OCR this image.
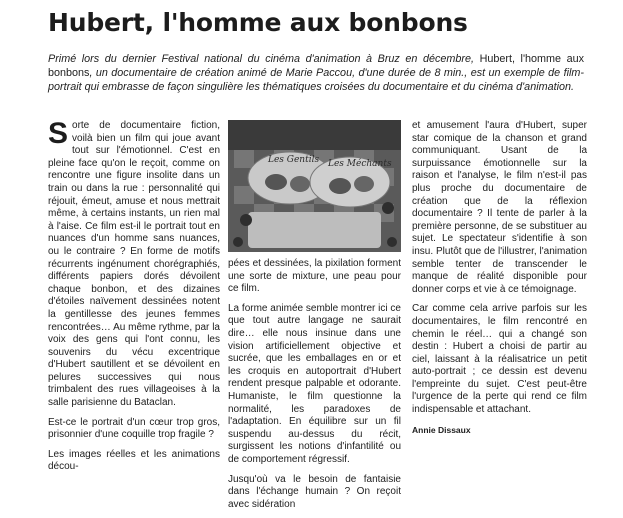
Hubert, l'homme aux bonbons

Primé lors du dernier Festival national du cinéma d'animation à Bruz en décembre, Hubert, l'homme aux bonbons, un documentaire de création animé de Marie Paccou, d'une durée de 8 min., est un exemple de film-portrait qui embrasse de façon singulière les thématiques croisées du documentaire et du cinéma d'animation.

Sorte de documentaire fiction, voilà bien un film qui joue avant tout sur l'émotionnel. C'est en pleine face qu'on le reçoit, comme on rencontre une figure insolite dans un train ou dans la rue : personnalité qui réjouit, émeut, amuse et nous mettrait même, à certains instants, un rien mal à l'aise. Ce film est-il le portrait tout en nuances d'un homme sans nuances, ou le contraire ? En forme de motifs récurrents ingénument chorégraphiés, différents papiers dorés dévoilent chaque bonbon, et des dizaines d'étoiles naïvement dessinées notent la gentillesse des jeunes femmes rencontrées… Au même rythme, par la voix des gens qui l'ont connu, les souvenirs du vécu excentrique d'Hubert sautillent et se dévoilent en pelures successives qui nous trimbalent des rues villageoises à la salle parisienne du Bataclan.

Est-ce le portrait d'un cœur trop gros, prisonnier d'une coquille trop fragile ?

Les images réelles et les animations décou-

Les Gentils Les Méchants

pées et dessinées, la pixilation forment une sorte de mixture, une peau pour ce film.

La forme animée semble montrer ici ce que tout autre langage ne saurait dire… elle nous insinue dans une vision artificiellement objective et sucrée, que les emballages en or et les croquis en autoportrait d'Hubert rendent presque palpable et odorante. Humaniste, le film questionne la normalité, les paradoxes de l'adaptation. En équilibre sur un fil suspendu au-dessus du récit, surgissent les notions d'infantilité ou de comportement régressif.

Jusqu'où va le besoin de fantaisie dans l'échange humain ? On reçoit avec sidération

et amusement l'aura d'Hubert, super star comique de la chanson et grand communiquant. Usant de la surpuissance émotionnelle sur la raison et l'analyse, le film n'est-il pas plus proche du documentaire de création que de la réflexion documentaire ? Il tente de parler à la première personne, de se substituer au sujet. Le spectateur s'identifie à son insu. Plutôt que de l'illustrer, l'animation semble tenter de transcender le manque de réalité disponible pour donner corps et vie à ce témoignage.

Car comme cela arrive parfois sur les documentaires, le film rencontré en chemin le réel… qui a changé son destin : Hubert a choisi de partir au ciel, laissant à la réalisatrice un petit auto-portrait ; ce dessin est devenu l'empreinte du sujet. C'est peut-être l'urgence de la perte qui rend ce film indispensable et attachant.

Annie Dissaux
